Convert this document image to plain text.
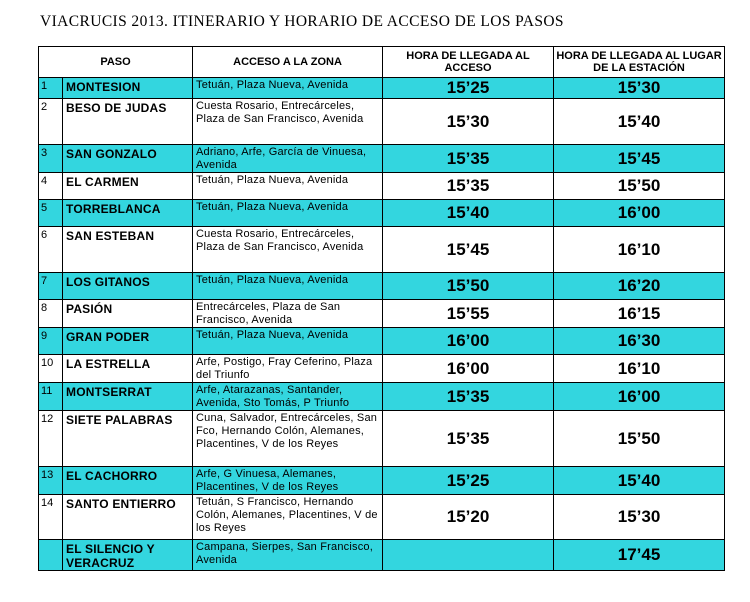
VIACRUCIS 2013. ITINERARIO Y HORARIO DE ACCESO DE LOS PASOS
PASO		ACCESO A LA ZONA	HORA DE LLEGADA AL ACCESO	HORA DE LLEGADA AL LUGAR DE LA ESTACIÓN
1	MONTESION	Tetuán, Plaza Nueva, Avenida	15’25	15’30
2	BESO DE JUDAS	Cuesta Rosario, Entrecárceles, Plaza de San Francisco, Avenida	15’30	15’40
3	SAN GONZALO	Adriano, Arfe, García de Vinuesa, Avenida	15’35	15’45
4	EL CARMEN	Tetuán, Plaza Nueva, Avenida	15’35	15’50
5	TORREBLANCA	Tetuán, Plaza Nueva, Avenida	15’40	16’00
6	SAN ESTEBAN	Cuesta Rosario, Entrecárceles, Plaza de San Francisco, Avenida	15’45	16’10
7	LOS GITANOS	Tetuán, Plaza Nueva, Avenida	15’50	16’20
8	PASIÓN	Entrecárceles, Plaza de San Francisco, Avenida	15’55	16’15
9	GRAN PODER	Tetuán, Plaza Nueva, Avenida	16’00	16’30
10	LA ESTRELLA	Arfe, Postigo, Fray Ceferino, Plaza del Triunfo	16’00	16’10
11	MONTSERRAT	Arfe, Atarazanas, Santander, Avenida, Sto Tomás, P Triunfo	15’35	16’00
12	SIETE PALABRAS	Cuna, Salvador, Entrecárceles, San Fco, Hernando Colón, Alemanes, Placentines, V de los Reyes	15’35	15’50
13	EL CACHORRO	Arfe, G Vinuesa, Alemanes, Placentines, V de los Reyes	15’25	15’40
14	SANTO ENTIERRO	Tetuán, S Francisco, Hernando Colón, Alemanes, Placentines, V de los Reyes	15’20	15’30
	EL SILENCIO Y VERACRUZ	Campana, Sierpes, San Francisco, Avenida		17’45
